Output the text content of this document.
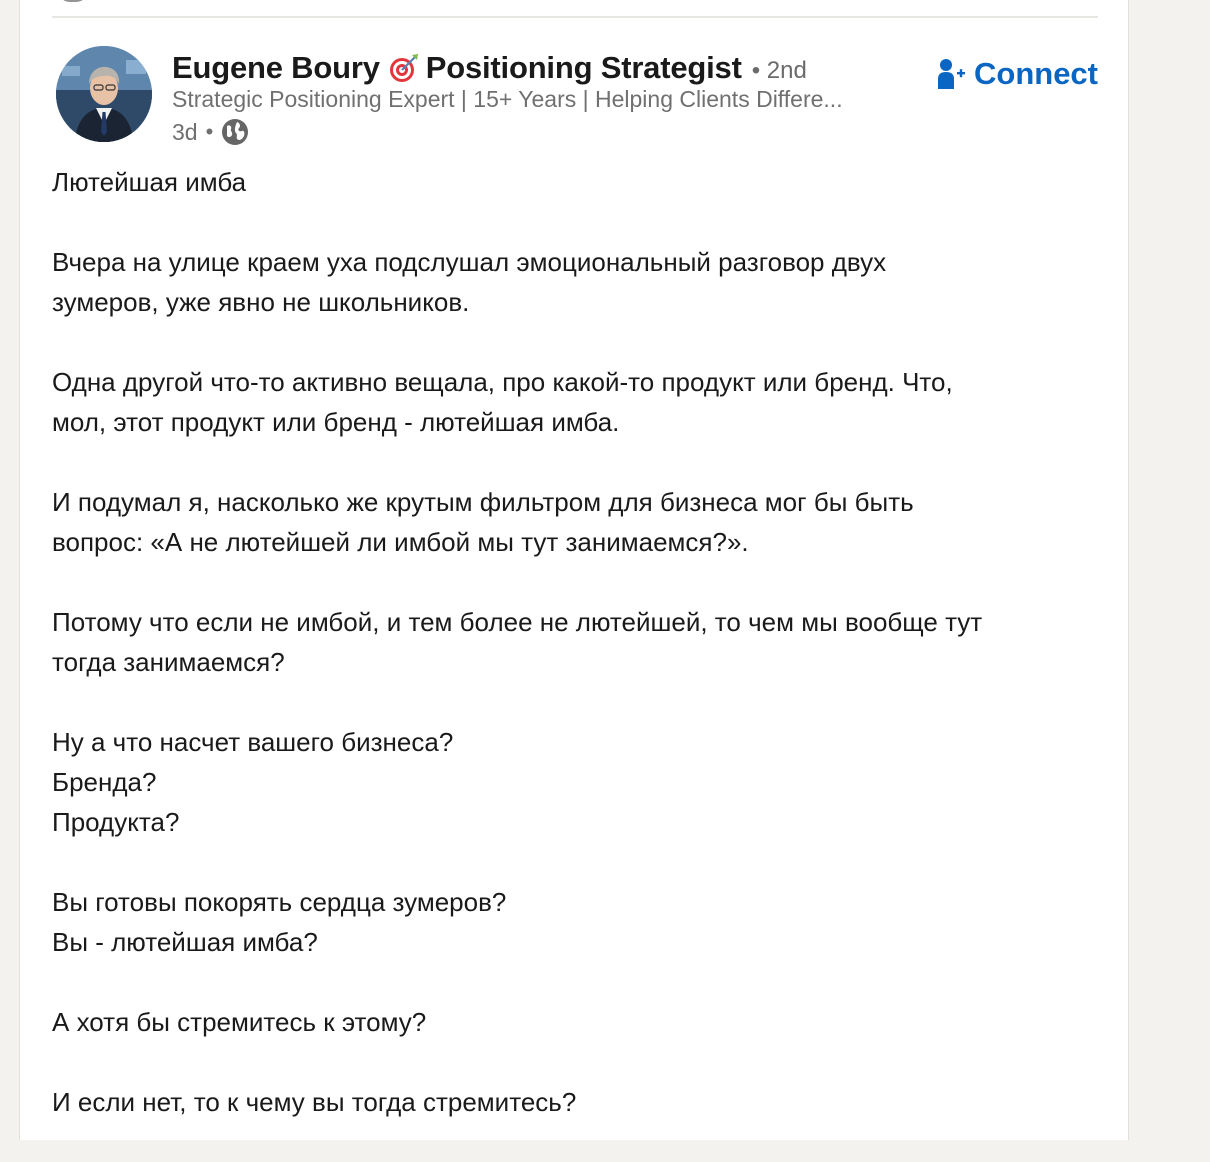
Eugene Boury Positioning Strategist • 2nd
Strategic Positioning Expert | 15+ Years | Helping Clients Differe...
3d •
Connect

Лютейшая имба

Вчера на улице краем уха подслушал эмоциональный разговор двух
зумеров, уже явно не школьников.

Одна другой что-то активно вещала, про какой-то продукт или бренд. Что,
мол, этот продукт или бренд - лютейшая имба.

И подумал я, насколько же крутым фильтром для бизнеса мог бы быть
вопрос: «А не лютейшей ли имбой мы тут занимаемся?».

Потому что если не имбой, и тем более не лютейшей, то чем мы вообще тут
тогда занимаемся?

Ну а что насчет вашего бизнеса?
Бренда?
Продукта?

Вы готовы покорять сердца зумеров?
Вы - лютейшая имба?

А хотя бы стремитесь к этому?

И если нет, то к чему вы тогда стремитесь?
